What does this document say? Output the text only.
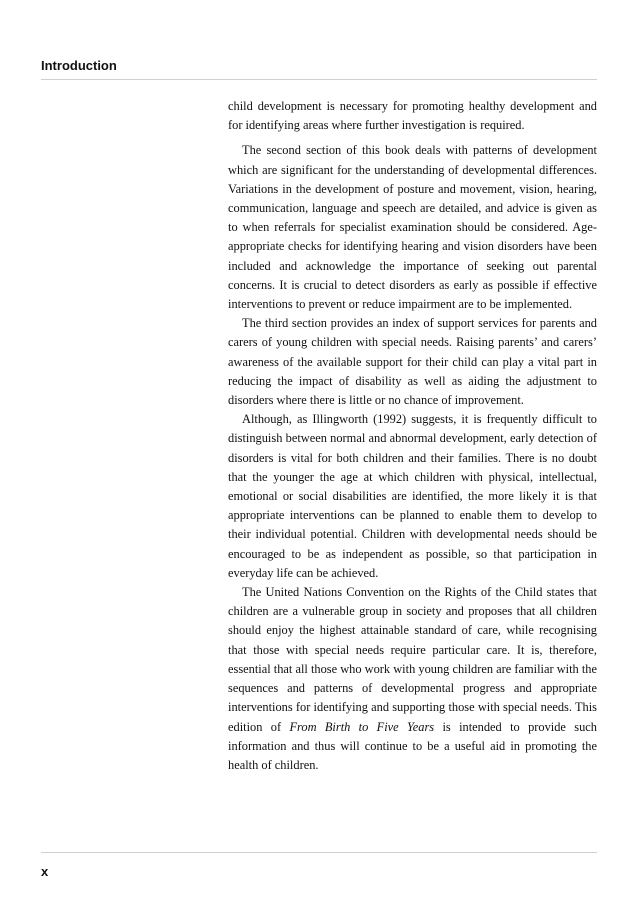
Introduction

child development is necessary for promoting healthy development and for identifying areas where further investigation is required.

The second section of this book deals with patterns of development which are significant for the understanding of developmental differences. Variations in the development of posture and movement, vision, hearing, communication, language and speech are detailed, and advice is given as to when referrals for specialist examination should be considered. Age-appropriate checks for identifying hearing and vision disorders have been included and acknowledge the importance of seeking out parental concerns. It is crucial to detect disorders as early as possible if effective interventions to prevent or reduce impairment are to be implemented.

The third section provides an index of support services for parents and carers of young children with special needs. Raising parents’ and carers’ awareness of the available support for their child can play a vital part in reducing the impact of disability as well as aiding the adjustment to disorders where there is little or no chance of improvement.

Although, as Illingworth (1992) suggests, it is frequently difficult to distinguish between normal and abnormal development, early detection of disorders is vital for both children and their families. There is no doubt that the younger the age at which children with physical, intellectual, emotional or social disabilities are identified, the more likely it is that appropriate interventions can be planned to enable them to develop to their individual potential. Children with developmental needs should be encouraged to be as independent as possible, so that participation in everyday life can be achieved.

The United Nations Convention on the Rights of the Child states that children are a vulnerable group in society and proposes that all children should enjoy the highest attainable standard of care, while recognising that those with special needs require particular care. It is, therefore, essential that all those who work with young children are familiar with the sequences and patterns of developmental progress and appropriate interventions for identifying and supporting those with special needs. This edition of From Birth to Five Years is intended to provide such information and thus will continue to be a useful aid in promoting the health of children.

x
